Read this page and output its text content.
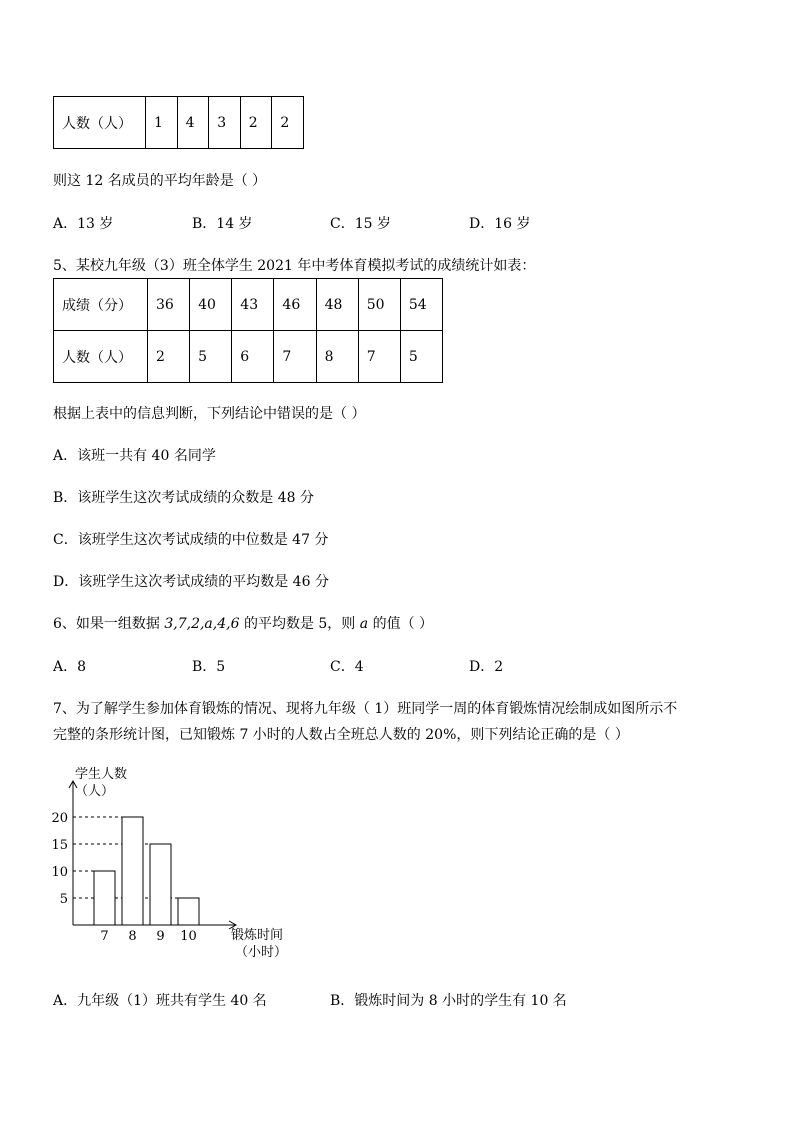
人数（人）	1	4	3	2	2
则这 12 名成员的平均年龄是（ ）
A．13 岁	B．14 岁	C．15 岁	D．16 岁
5、某校九年级（3）班全体学生 2021 年中考体育模拟考试的成绩统计如表：
成绩（分）	36	40	43	46	48	50	54
人数（人）	2	5	6	7	8	7	5
根据上表中的信息判断，下列结论中错误的是（ ）
A．该班一共有 40 名同学
B．该班学生这次考试成绩的众数是 48 分
C．该班学生这次考试成绩的中位数是 47 分
D．该班学生这次考试成绩的平均数是 46 分
6、如果一组数据 3,7,2,a,4,6 的平均数是 5，则 a 的值（ ）
A．8	B．5	C．4	D．2
7、为了解学生参加体育锻炼的情况、现将九年级（ 1）班同学一周的体育锻炼情况绘制成如图所示不
完整的条形统计图，已知锻炼 7 小时的人数占全班总人数的 20%，则下列结论正确的是（ ）
学生人数
（人）
锻炼时间
（小时）
7 8 9 10
5
10
15
20
A．九年级（1）班共有学生 40 名	B．锻炼时间为 8 小时的学生有 10 名
